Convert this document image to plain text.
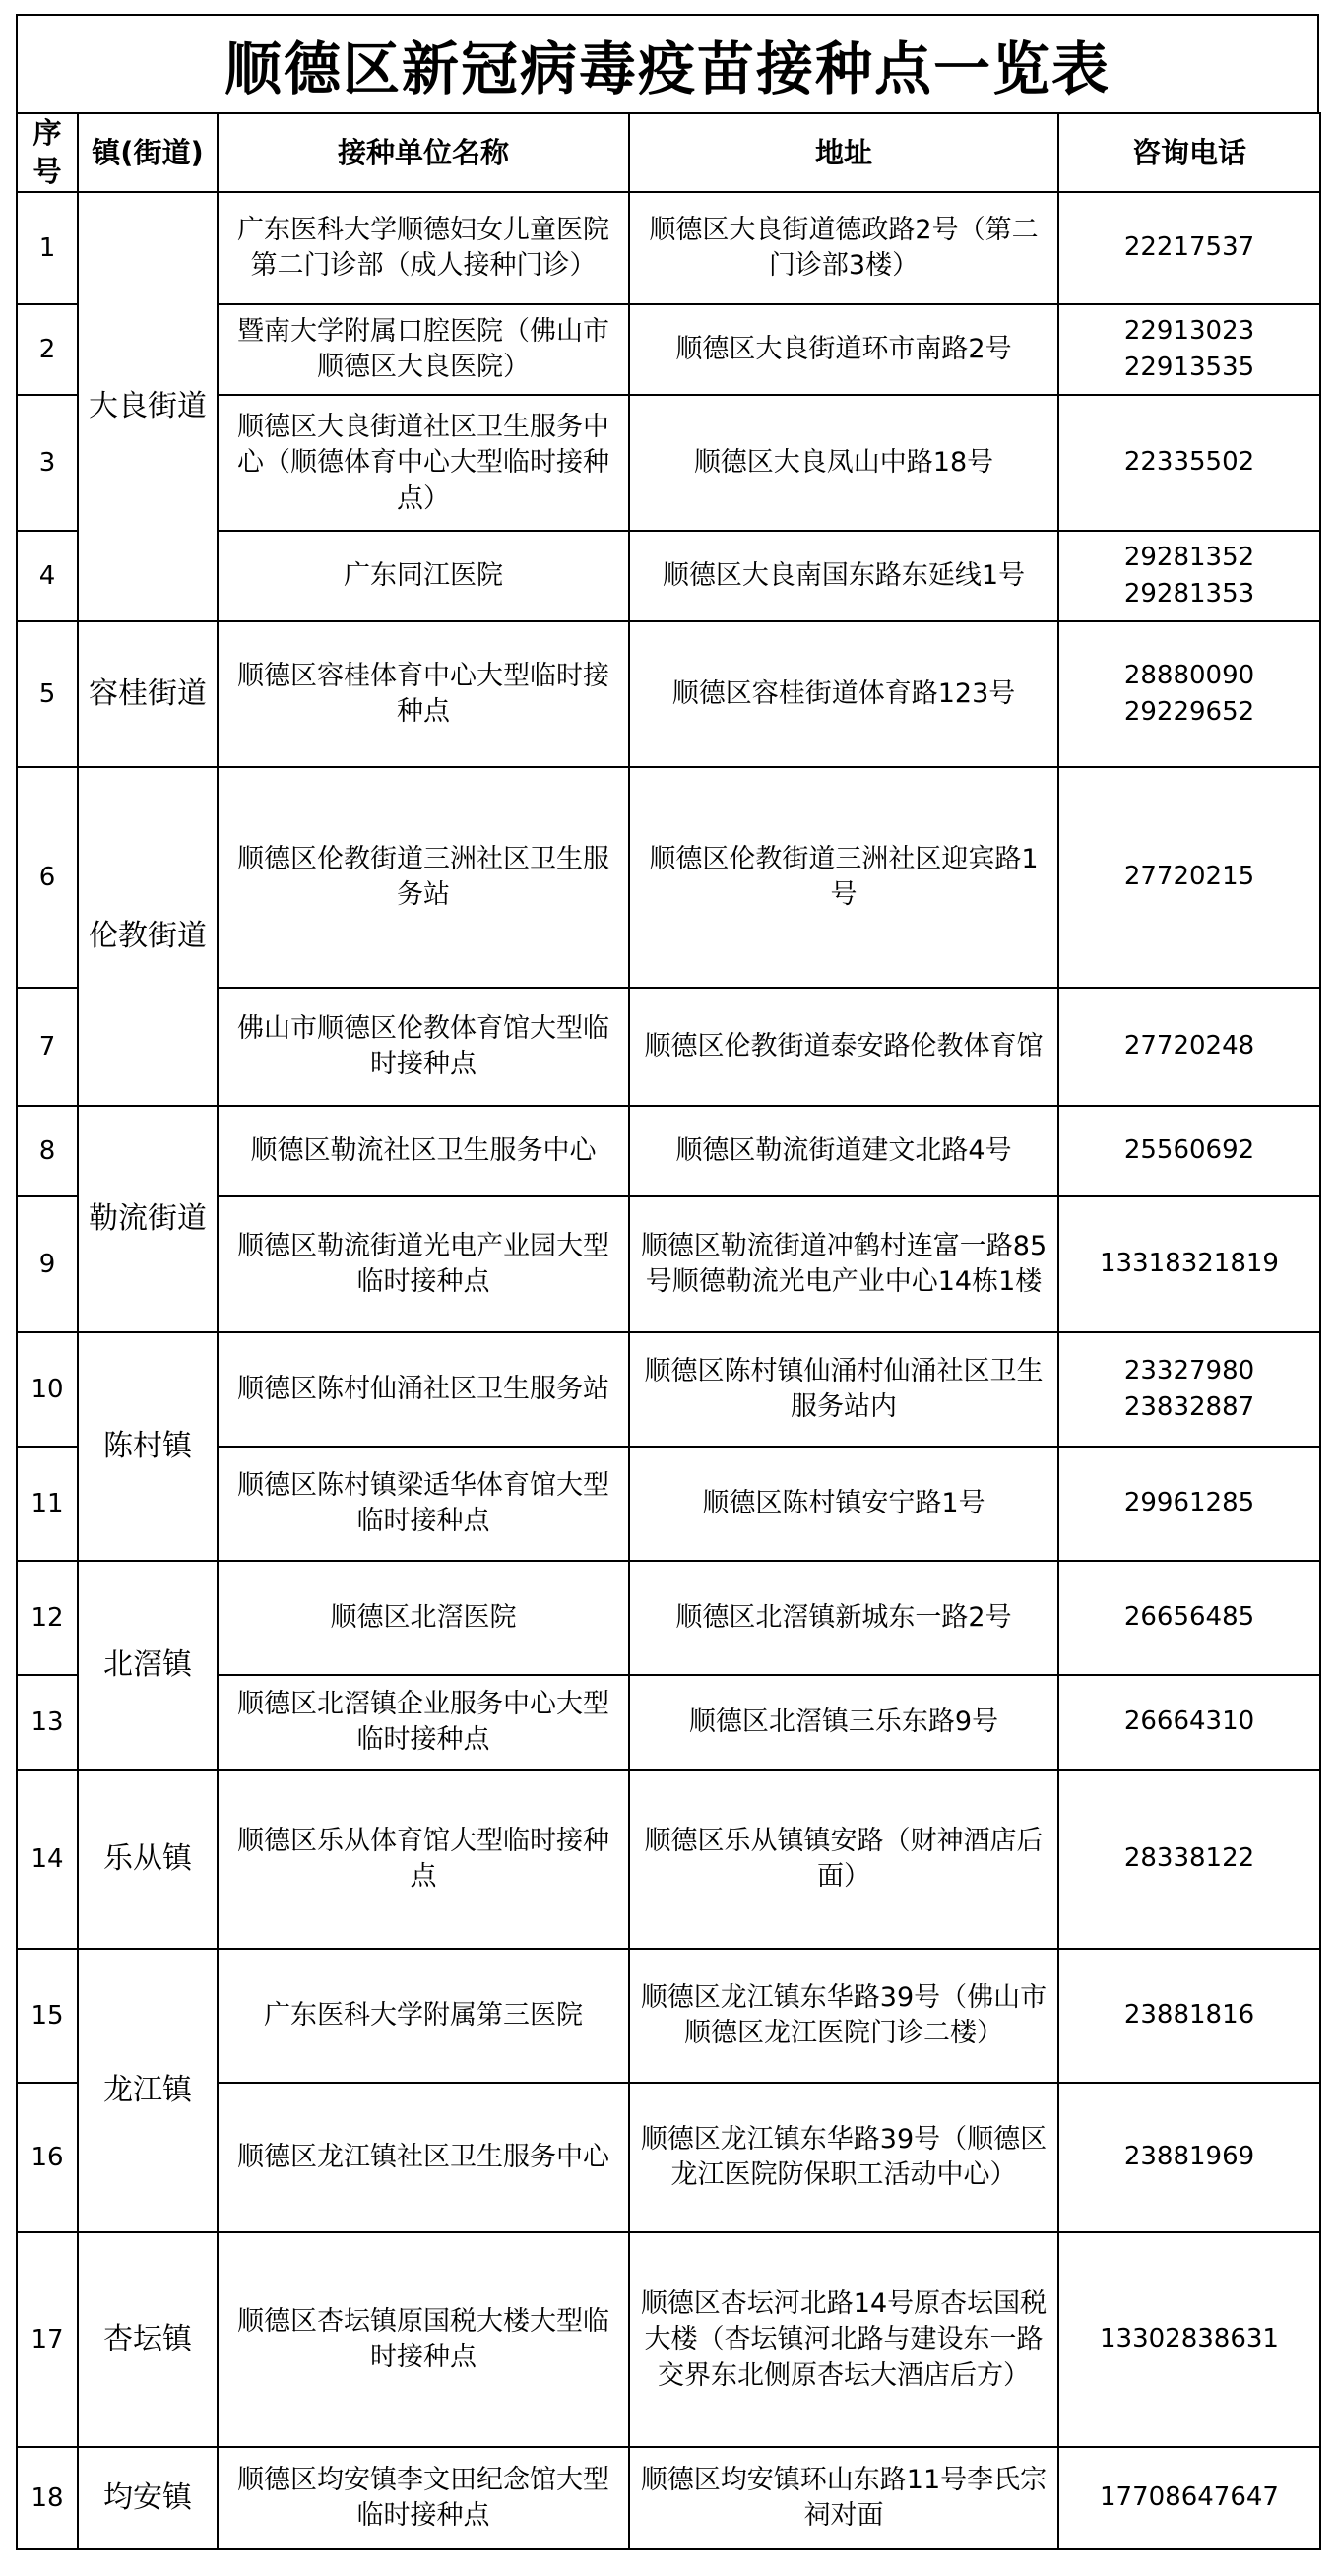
顺德区新冠病毒疫苗接种点一览表
序号	镇(街道)	接种单位名称	地址	咨询电话
1	大良街道	广东医科大学顺德妇女儿童医院第二门诊部（成人接种门诊）	顺德区大良街道德政路2号（第二门诊部3楼）	22217537

2		暨南大学附属口腔医院（佛山市顺德区大良医院）	顺德区大良街道环市南路2号	22913023
22913535

3		顺德区大良街道社区卫生服务中心（顺德体育中心大型临时接种点）	顺德区大良凤山中路18号	22335502

4		广东同江医院	顺德区大良南国东路东延线1号	29281352
29281353

5	容桂街道	顺德区容桂体育中心大型临时接种点	顺德区容桂街道体育路123号	28880090
29229652

6	伦教街道	顺德区伦教街道三洲社区卫生服务站	顺德区伦教街道三洲社区迎宾路1号	27720215

7		佛山市顺德区伦教体育馆大型临时接种点	顺德区伦教街道泰安路伦教体育馆	27720248

8	勒流街道	顺德区勒流社区卫生服务中心	顺德区勒流街道建文北路4号	25560692

9		顺德区勒流街道光电产业园大型临时接种点	顺德区勒流街道冲鹤村连富一路85号顺德勒流光电产业中心14栋1楼	13318321819

10	陈村镇	顺德区陈村仙涌社区卫生服务站	顺德区陈村镇仙涌村仙涌社区卫生服务站内	23327980
23832887

11		顺德区陈村镇梁适华体育馆大型临时接种点	顺德区陈村镇安宁路1号	29961285

12	北滘镇	顺德区北滘医院	顺德区北滘镇新城东一路2号	26656485

13		顺德区北滘镇企业服务中心大型临时接种点	顺德区北滘镇三乐东路9号	26664310

14	乐从镇	顺德区乐从体育馆大型临时接种点	顺德区乐从镇镇安路（财神酒店后面）	28338122

15	龙江镇	广东医科大学附属第三医院	顺德区龙江镇东华路39号（佛山市顺德区龙江医院门诊二楼）	23881816

16		顺德区龙江镇社区卫生服务中心	顺德区龙江镇东华路39号（顺德区龙江医院防保职工活动中心）	23881969

17	杏坛镇	顺德区杏坛镇原国税大楼大型临时接种点	顺德区杏坛河北路14号原杏坛国税大楼（杏坛镇河北路与建设东一路交界东北侧原杏坛大酒店后方）	13302838631

18	均安镇	顺德区均安镇李文田纪念馆大型临时接种点	顺德区均安镇环山东路11号李氏宗祠对面	17708647647
